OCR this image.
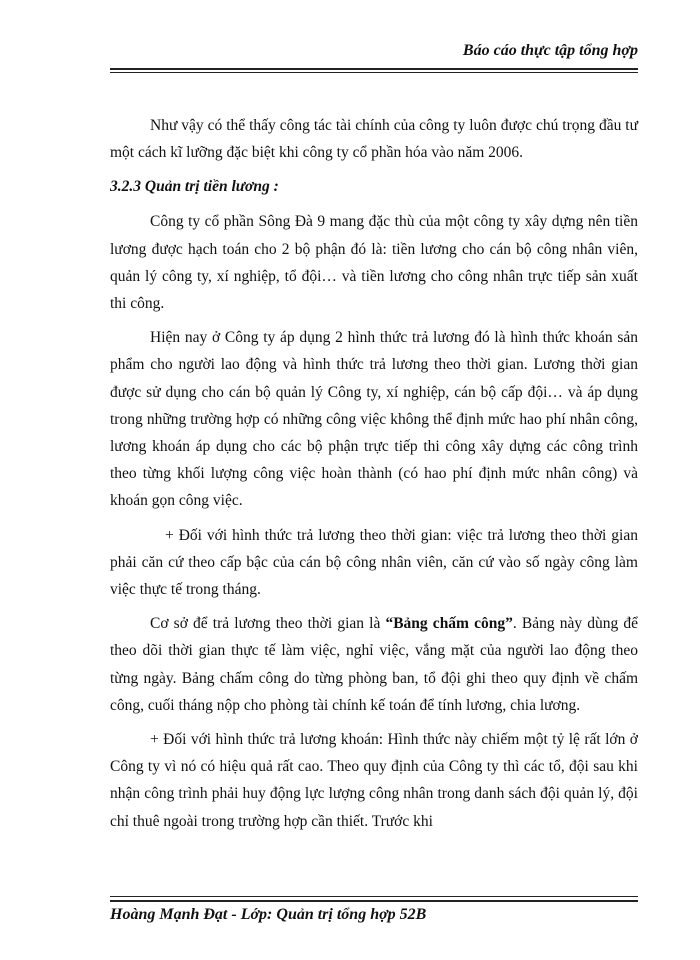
Báo cáo thực tập tổng hợp

Như vậy có thể thấy công tác tài chính của công ty luôn được chú trọng đầu tư một cách kĩ lưỡng đặc biệt khi công ty cổ phần hóa vào năm 2006.

3.2.3 Quản trị tiền lương :

Công ty cổ phần Sông Đà 9 mang đặc thù của một công ty xây dựng nên tiền lương được hạch toán cho 2 bộ phận đó là: tiền lương cho cán bộ công nhân viên, quản lý công ty, xí nghiệp, tổ đội… và tiền lương cho công nhân trực tiếp sản xuất thi công.

Hiện nay ở Công ty áp dụng 2 hình thức trả lương đó là hình thức khoán sản phẩm cho người lao động và hình thức trả lương theo thời gian. Lương thời gian được sử dụng cho cán bộ quản lý Công ty, xí nghiệp, cán bộ cấp đội… và áp dụng trong những trường hợp có những công việc không thể định mức hao phí nhân công, lương khoán áp dụng cho các bộ phận trực tiếp thi công xây dựng các công trình theo từng khối lượng công việc hoàn thành (có hao phí định mức nhân công) và khoán gọn công việc.

+ Đối với hình thức trả lương theo thời gian: việc trả lương theo thời gian phải căn cứ theo cấp bậc của cán bộ công nhân viên, căn cứ vào số ngày công làm việc thực tế trong tháng.

Cơ sở để trả lương theo thời gian là “Bảng chấm công”. Bảng này dùng để theo dõi thời gian thực tế làm việc, nghỉ việc, vắng mặt của người lao động theo từng ngày. Bảng chấm công do từng phòng ban, tổ đội ghi theo quy định về chấm công, cuối tháng nộp cho phòng tài chính kế toán để tính lương, chia lương.

+ Đối với hình thức trả lương khoán: Hình thức này chiếm một tỷ lệ rất lớn ở Công ty vì nó có hiệu quả rất cao. Theo quy định của Công ty thì các tổ, đội sau khi nhận công trình phải huy động lực lượng công nhân trong danh sách đội quản lý, đội chỉ thuê ngoài trong trường hợp cần thiết. Trước khi

Hoàng Mạnh Đạt - Lớp: Quản trị tổng hợp 52B
